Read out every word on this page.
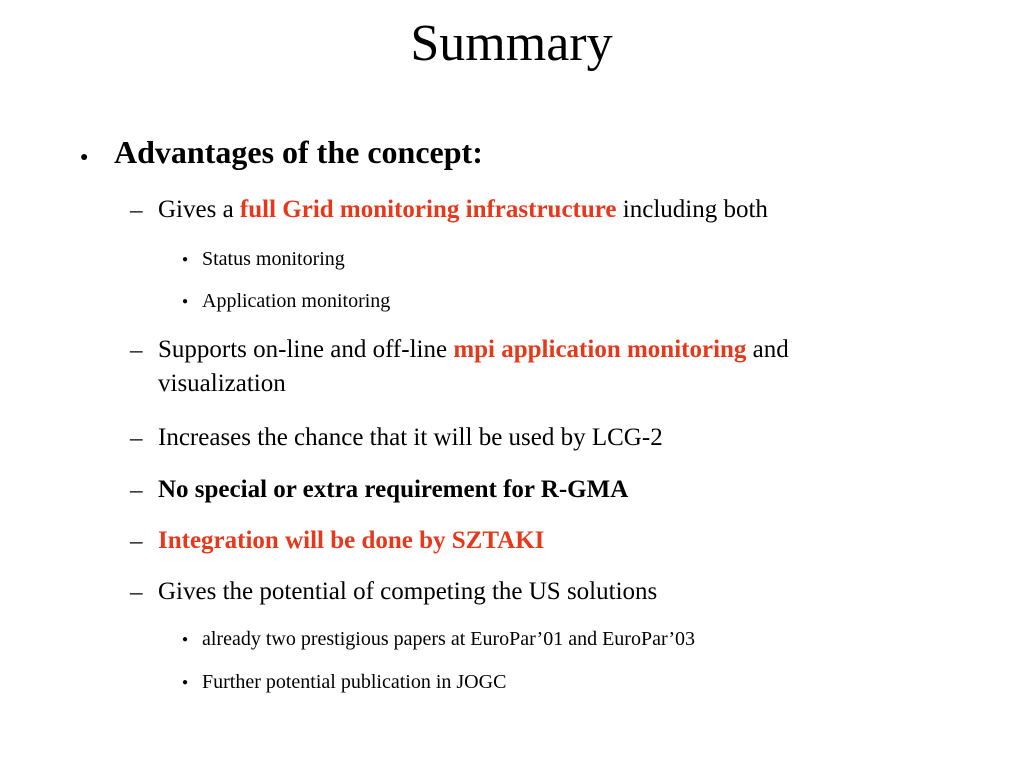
Summary
● Advantages of the concept:
– Gives a full Grid monitoring infrastructure including both
● Status monitoring
● Application monitoring
– Supports on-line and off-line mpi application monitoring and
visualization
– Increases the chance that it will be used by LCG-2
– No special or extra requirement for R-GMA
– Integration will be done by SZTAKI
– Gives the potential of competing the US solutions
● already two prestigious papers at EuroPar’01 and EuroPar’03
● Further potential publication in JOGC
